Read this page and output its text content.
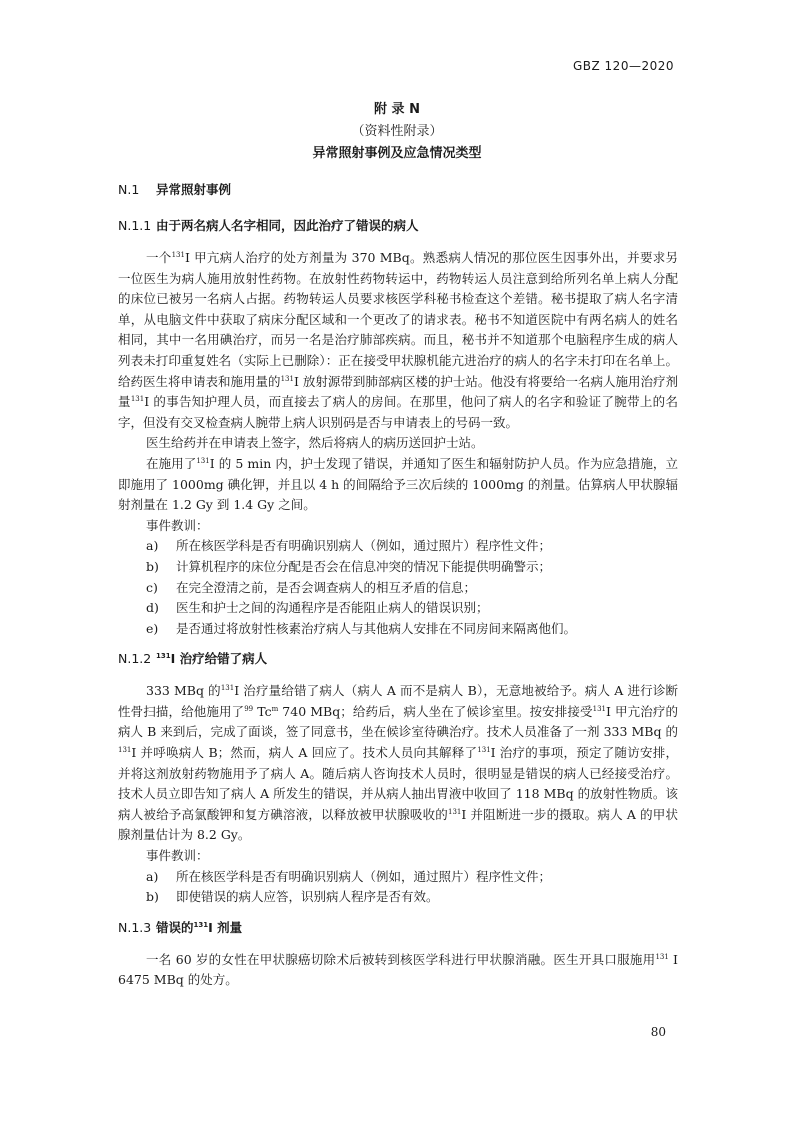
GBZ 120—2020
附 录 N
（资料性附录）
异常照射事例及应急情况类型
N.1 异常照射事例
N.1.1 由于两名病人名字相同，因此治疗了错误的病人

一个$^{131}$I 甲亢病人治疗的处方剂量为 370 MBq。熟悉病人情况的那位医生因事外出，并要求另一位医生为病人施用放射性药物。在放射性药物转运中，药物转运人员注意到给所列名单上病人分配的床位已被另一名病人占据。药物转运人员要求核医学科秘书检查这个差错。秘书提取了病人名字清单，从电脑文件中获取了病床分配区域和一个更改了的请求表。秘书不知道医院中有两名病人的姓名相同，其中一名用碘治疗，而另一名是治疗肺部疾病。而且，秘书并不知道那个电脑程序生成的病人列表未打印重复姓名（实际上已删除）：正在接受甲状腺机能亢进治疗的病人的名字未打印在名单上。给药医生将申请表和施用量的$^{131}$I 放射源带到肺部病区楼的护士站。他没有将要给一名病人施用治疗剂量$^{131}$I 的事告知护理人员，而直接去了病人的房间。在那里，他问了病人的名字和验证了腕带上的名字，但没有交叉检查病人腕带上病人识别码是否与申请表上的号码一致。

医生给药并在申请表上签字，然后将病人的病历送回护士站。

在施用了$^{131}$I 的 5 min 内，护士发现了错误，并通知了医生和辐射防护人员。作为应急措施，立即施用了 1000mg 碘化钾，并且以 4 h 的间隔给予三次后续的 1000mg 的剂量。估算病人甲状腺辐射剂量在 1.2 Gy 到 1.4 Gy 之间。

事件教训：

a) 所在核医学科是否有明确识别病人（例如，通过照片）程序性文件；
b) 计算机程序的床位分配是否会在信息冲突的情况下能提供明确警示；
c) 在完全澄清之前，是否会调查病人的相互矛盾的信息；
d) 医生和护士之间的沟通程序是否能阻止病人的错误识别；
e) 是否通过将放射性核素治疗病人与其他病人安排在不同房间来隔离他们。
N.1.2 $^{131}$I 治疗给错了病人

333 MBq 的$^{131}$I 治疗量给错了病人（病人 A 而不是病人 B），无意地被给予。病人 A 进行诊断性骨扫描，给他施用了$^{99}$ Tc$^m$ 740 MBq；给药后，病人坐在了候诊室里。按安排接受$^{131}$I 甲亢治疗的病人 B 来到后，完成了面谈，签了同意书，坐在候诊室待碘治疗。技术人员准备了一剂 333 MBq 的$^{131}$I 并呼唤病人 B；然而，病人 A 回应了。技术人员向其解释了$^{131}$I 治疗的事项，预定了随访安排，并将这剂放射药物施用予了病人 A。随后病人咨询技术人员时，很明显是错误的病人已经接受治疗。技术人员立即告知了病人 A 所发生的错误，并从病人抽出胃液中收回了 118 MBq 的放射性物质。该病人被给予高氯酸钾和复方碘溶液，以释放被甲状腺吸收的$^{131}$I 并阻断进一步的摄取。病人 A 的甲状腺剂量估计为 8.2 Gy。

事件教训：

a) 所在核医学科是否有明确识别病人（例如，通过照片）程序性文件；
b) 即使错误的病人应答，识别病人程序是否有效。
N.1.3 错误的$^{131}$I 剂量

一名 60 岁的女性在甲状腺癌切除术后被转到核医学科进行甲状腺消融。医生开具口服施用$^{131}$ I 6475 MBq 的处方。

80
